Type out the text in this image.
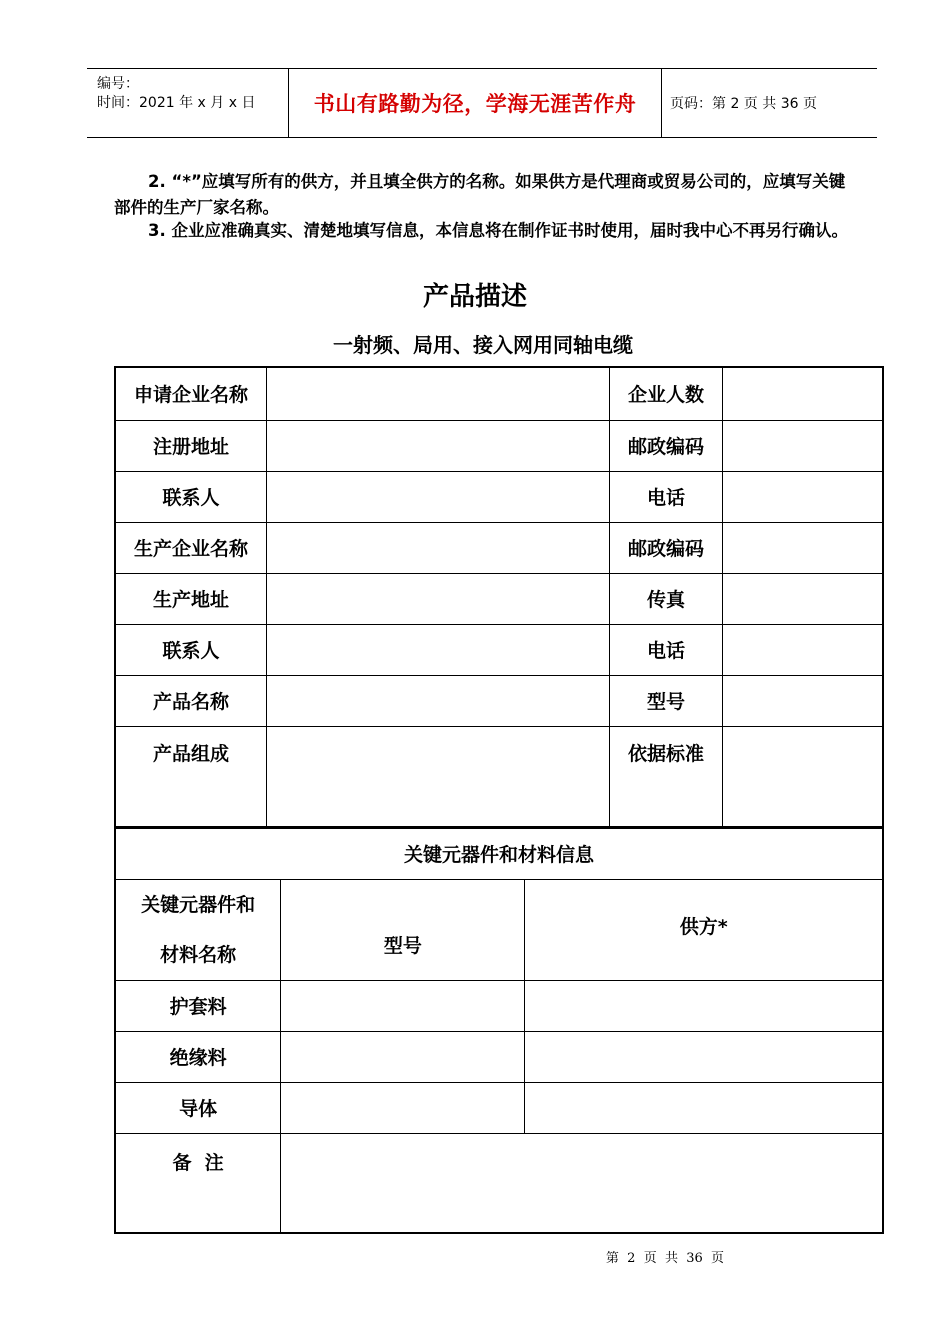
编号：
时间：2021 年 x 月 x 日	书山有路勤为径，学海无涯苦作舟 页码：第 2 页 共 36 页
2. “*”应填写所有的供方，并且填全供方的名称。如果供方是代理商或贸易公司的，应填写关键部件的生产厂家名称。
3. 企业应准确真实、清楚地填写信息，本信息将在制作证书时使用，届时我中心不再另行确认。
产品描述
一射频、局用、接入网用同轴电缆
申请企业名称		企业人数	
注册地址		邮政编码	
联系人		电话	
生产企业名称		邮政编码	
生产地址		传真	
联系人		电话	
产品名称		型号	
产品组成		依据标准	
关键元器件和材料信息		

关键元器件和
材料名称	型号	供方*
护套料		
绝缘料		
导体		
备  注		
第  2  页  共  36  页
